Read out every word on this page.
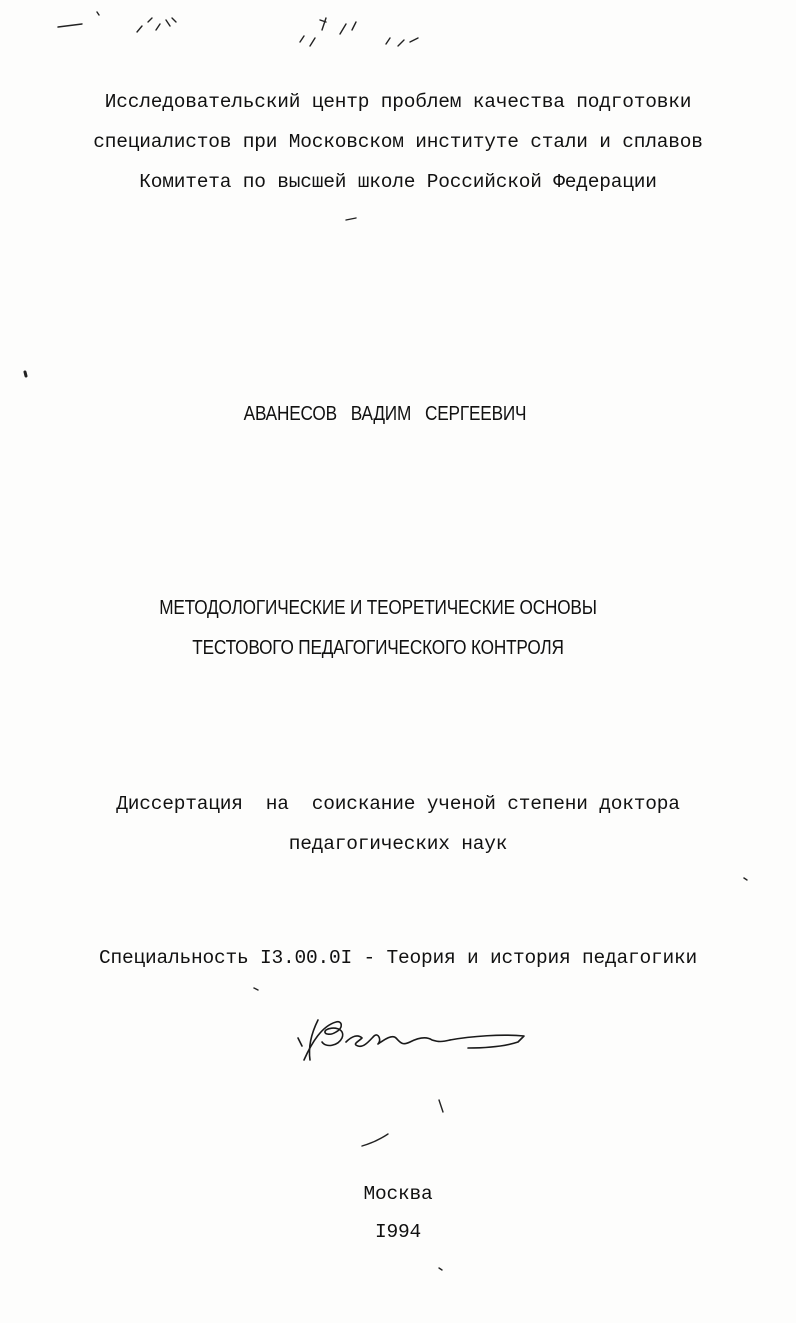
Исследовательский центр проблем качества подготовки
специалистов при Московском институте стали и сплавов
Комитета по высшей школе Российской Федерации
АВАНЕСОВ   ВАДИМ   СЕРГЕЕВИЧ
МЕТОДОЛОГИЧЕСКИЕ И ТЕОРЕТИЧЕСКИЕ ОСНОВЫ
ТЕСТОВОГО ПЕДАГОГИЧЕСКОГО КОНТРОЛЯ
Диссертация  на  соискание ученой степени доктора
педагогических наук
Специальность I3.00.0I - Теория и история педагогики
Москва
I994
